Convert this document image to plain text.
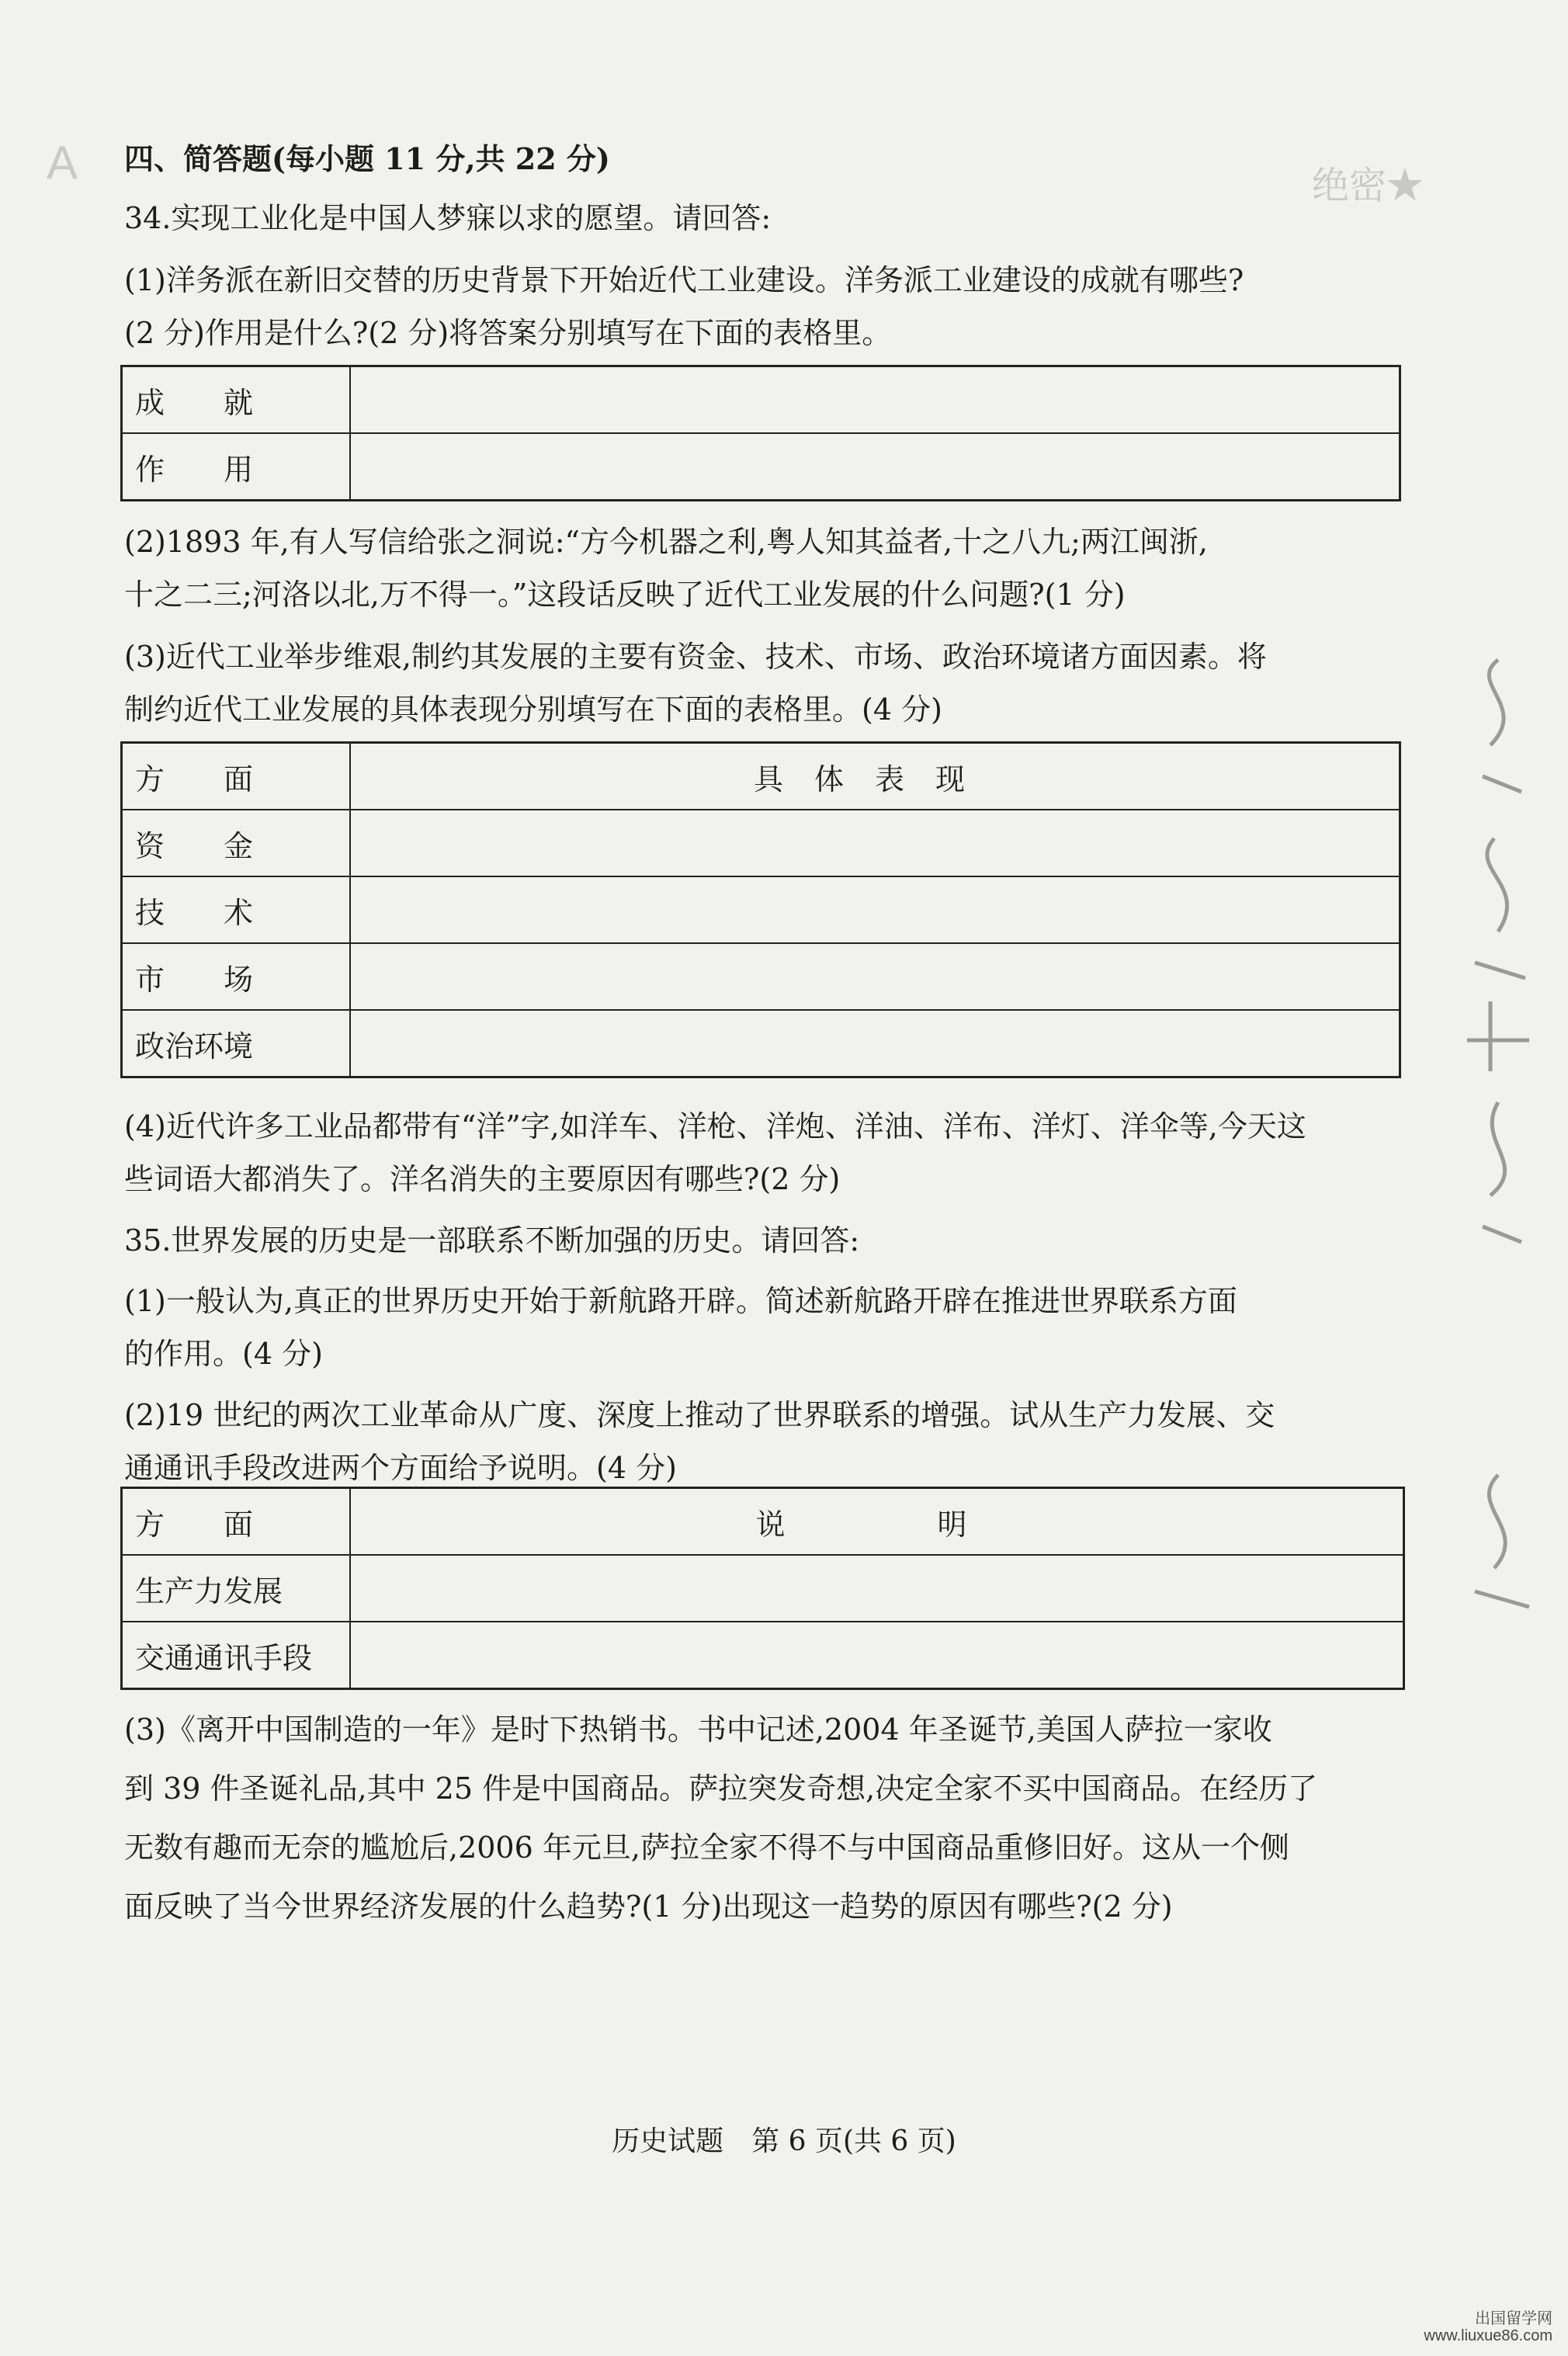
A	绝密★
四、简答题(每小题 11 分,共 22 分)
34.实现工业化是中国人梦寐以求的愿望。请回答:
(1)洋务派在新旧交替的历史背景下开始近代工业建设。洋务派工业建设的成就有哪些?
(2 分)作用是什么?(2 分)将答案分别填写在下面的表格里。
成　　就	
作　　用	
(2)1893 年,有人写信给张之洞说:“方今机器之利,粤人知其益者,十之八九;两江闽浙,
十之二三;河洛以北,万不得一。”这段话反映了近代工业发展的什么问题?(1 分)
(3)近代工业举步维艰,制约其发展的主要有资金、技术、市场、政治环境诸方面因素。将
制约近代工业发展的具体表现分别填写在下面的表格里。(4 分)
方　　面	具体表现
资　　金	
技　　术	
市　　场	
政治环境	
(4)近代许多工业品都带有“洋”字,如洋车、洋枪、洋炮、洋油、洋布、洋灯、洋伞等,今天这
些词语大都消失了。洋名消失的主要原因有哪些?(2 分)
35.世界发展的历史是一部联系不断加强的历史。请回答:
(1)一般认为,真正的世界历史开始于新航路开辟。简述新航路开辟在推进世界联系方面
的作用。(4 分)
(2)19 世纪的两次工业革命从广度、深度上推动了世界联系的增强。试从生产力发展、交
通通讯手段改进两个方面给予说明。(4 分)
方　　面	说　　明
生产力发展	
交通通讯手段	
(3)《离开中国制造的一年》是时下热销书。书中记述,2004 年圣诞节,美国人萨拉一家收
到 39 件圣诞礼品,其中 25 件是中国商品。萨拉突发奇想,决定全家不买中国商品。在经历了
无数有趣而无奈的尴尬后,2006 年元旦,萨拉全家不得不与中国商品重修旧好。这从一个侧
面反映了当今世界经济发展的什么趋势?(1 分)出现这一趋势的原因有哪些?(2 分)
历史试题　第 6 页(共 6 页)
出国留学网
www.liuxue86.com
